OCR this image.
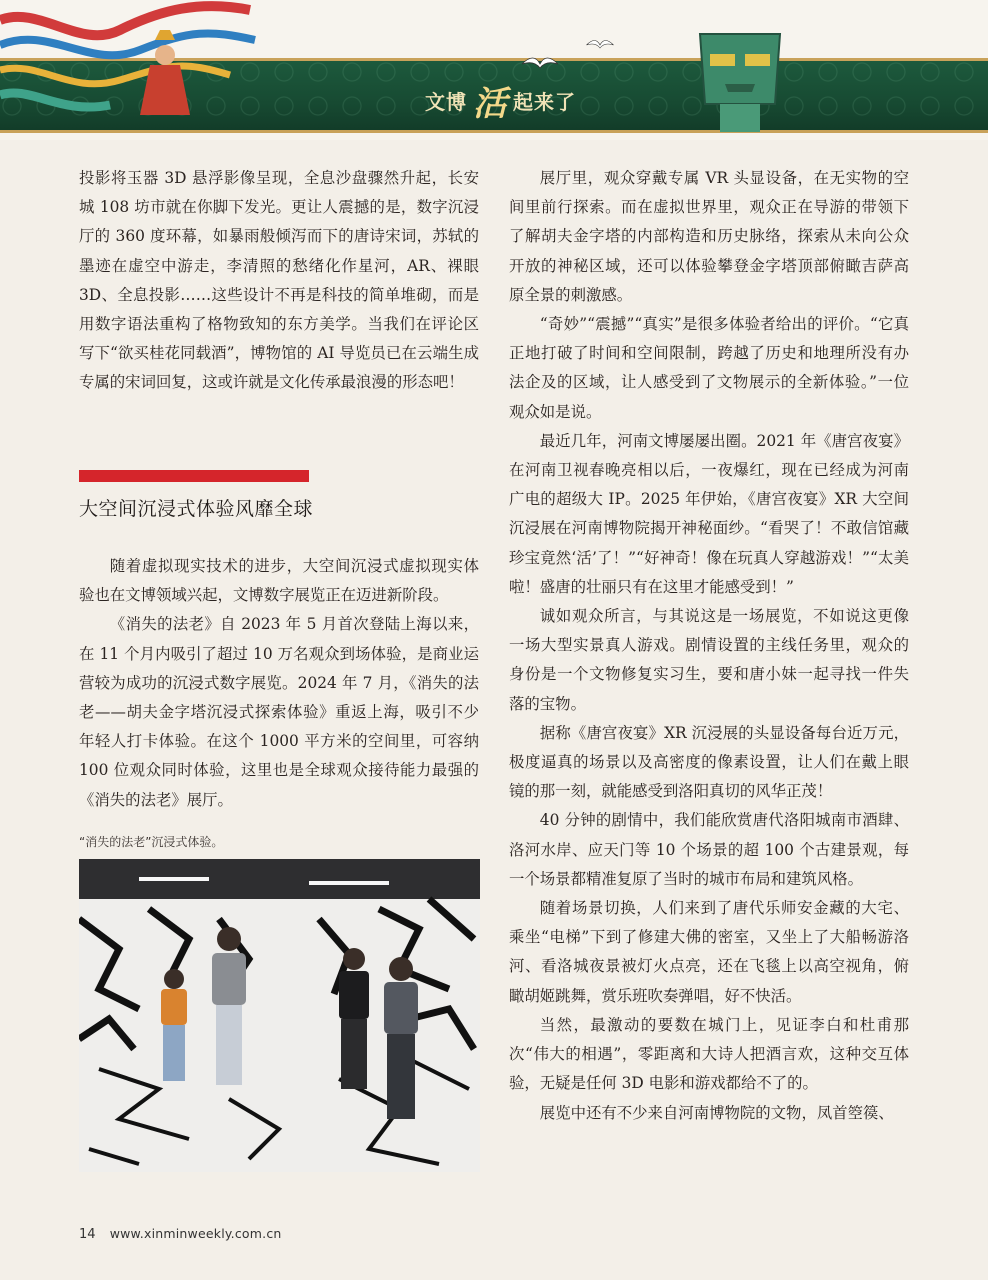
文博 活 起来了

投影将玉器 3D 悬浮影像呈现，全息沙盘骤然升起，长安城 108 坊市就在你脚下发光。更让人震撼的是，数字沉浸厅的 360 度环幕，如暴雨般倾泻而下的唐诗宋词，苏轼的墨迹在虚空中游走，李清照的愁绪化作星河，AR、裸眼 3D、全息投影……这些设计不再是科技的简单堆砌，而是用数字语法重构了格物致知的东方美学。当我们在评论区写下“欲买桂花同载酒”，博物馆的 AI 导览员已在云端生成专属的宋词回复，这或许就是文化传承最浪漫的形态吧！

大空间沉浸式体验风靡全球

随着虚拟现实技术的进步，大空间沉浸式虚拟现实体验也在文博领域兴起，文博数字展览正在迈进新阶段。

《消失的法老》自 2023 年 5 月首次登陆上海以来，在 11 个月内吸引了超过 10 万名观众到场体验，是商业运营较为成功的沉浸式数字展览。2024 年 7 月，《消失的法老——胡夫金字塔沉浸式探索体验》重返上海，吸引不少年轻人打卡体验。在这个 1000 平方米的空间里，可容纳 100 位观众同时体验，这里也是全球观众接待能力最强的《消失的法老》展厅。

“消失的法老”沉浸式体验。

展厅里，观众穿戴专属 VR 头显设备，在无实物的空间里前行探索。而在虚拟世界里，观众正在导游的带领下了解胡夫金字塔的内部构造和历史脉络，探索从未向公众开放的神秘区域，还可以体验攀登金字塔顶部俯瞰吉萨高原全景的刺激感。

“奇妙”“震撼”“真实”是很多体验者给出的评价。“它真正地打破了时间和空间限制，跨越了历史和地理所没有办法企及的区域，让人感受到了文物展示的全新体验。”一位观众如是说。

最近几年，河南文博屡屡出圈。2021 年《唐宫夜宴》在河南卫视春晚亮相以后，一夜爆红，现在已经成为河南广电的超级大 IP。2025 年伊始，《唐宫夜宴》XR 大空间沉浸展在河南博物院揭开神秘面纱。“看哭了！不敢信馆藏珍宝竟然‘活’了！”“好神奇！像在玩真人穿越游戏！”“太美啦！盛唐的壮丽只有在这里才能感受到！”

诚如观众所言，与其说这是一场展览，不如说这更像一场大型实景真人游戏。剧情设置的主线任务里，观众的身份是一个文物修复实习生，要和唐小妹一起寻找一件失落的宝物。

据称《唐宫夜宴》XR 沉浸展的头显设备每台近万元，极度逼真的场景以及高密度的像素设置，让人们在戴上眼镜的那一刻，就能感受到洛阳真切的风华正茂！

40 分钟的剧情中，我们能欣赏唐代洛阳城南市酒肆、洛河水岸、应天门等 10 个场景的超 100 个古建景观，每一个场景都精准复原了当时的城市布局和建筑风格。

随着场景切换，人们来到了唐代乐师安金藏的大宅、乘坐“电梯”下到了修建大佛的密室，又坐上了大船畅游洛河、看洛城夜景被灯火点亮，还在飞毯上以高空视角，俯瞰胡姬跳舞，赏乐班吹奏弹唱，好不快活。

当然，最激动的要数在城门上，见证李白和杜甫那次“伟大的相遇”，零距离和大诗人把酒言欢，这种交互体验，无疑是任何 3D 电影和游戏都给不了的。

展览中还有不少来自河南博物院的文物，凤首箜篌、

14 www.xinminweekly.com.cn
